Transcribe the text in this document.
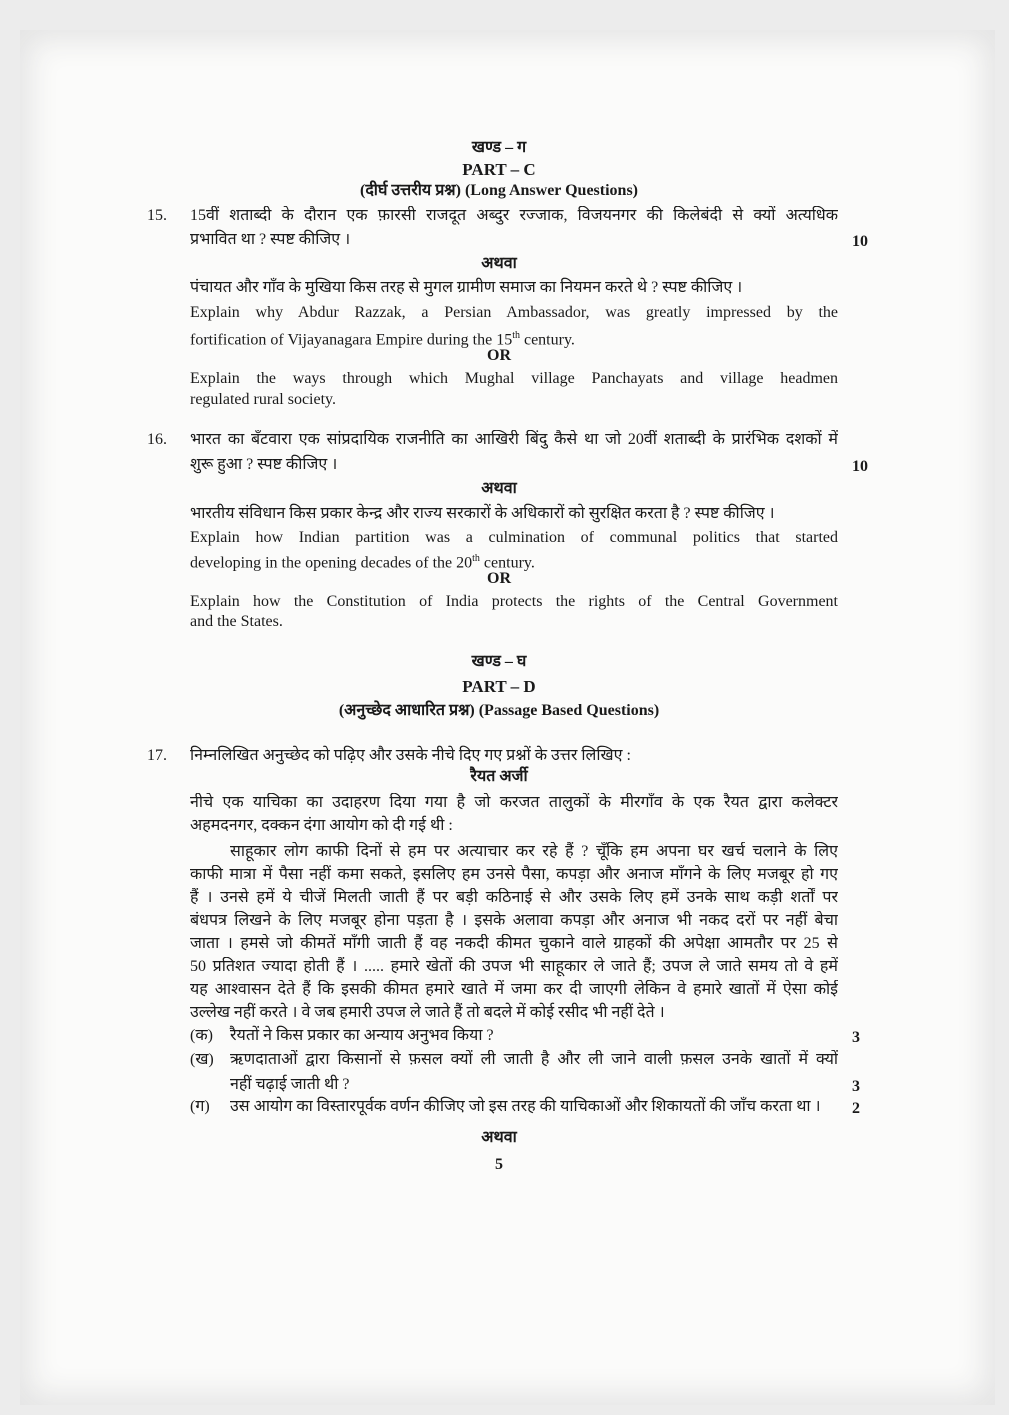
खण्ड – ग
PART – C
(दीर्घ उत्तरीय प्रश्न) (Long Answer Questions)
15. 15वीं शताब्दी के दौरान एक फ़ारसी राजदूत अब्दुर रज्जाक, विजयनगर की किलेबंदी से क्यों अत्यधिक
प्रभावित था ? स्पष्ट कीजिए ।	10
अथवा
पंचायत और गाँव के मुखिया किस तरह से मुगल ग्रामीण समाज का नियमन करते थे ? स्पष्ट कीजिए ।
Explain why Abdur Razzak, a Persian Ambassador, was greatly impressed by the
fortification of Vijayanagara Empire during the 15th century.
OR
Explain the ways through which Mughal village Panchayats and village headmen
regulated rural society.
16. भारत का बँटवारा एक सांप्रदायिक राजनीति का आखिरी बिंदु कैसे था जो 20वीं शताब्दी के प्रारंभिक दशकों में
शुरू हुआ ? स्पष्ट कीजिए ।	10
अथवा
भारतीय संविधान किस प्रकार केन्द्र और राज्य सरकारों के अधिकारों को सुरक्षित करता है ? स्पष्ट कीजिए ।
Explain how Indian partition was a culmination of communal politics that started
developing in the opening decades of the 20th century.
OR
Explain how the Constitution of India protects the rights of the Central Government
and the States.
खण्ड – घ
PART – D
(अनुच्छेद आधारित प्रश्न) (Passage Based Questions)
17. निम्नलिखित अनुच्छेद को पढ़िए और उसके नीचे दिए गए प्रश्नों के उत्तर लिखिए :
रैयत अर्जी
नीचे एक याचिका का उदाहरण दिया गया है जो करजत तालुकों के मीरगाँव के एक रैयत द्वारा कलेक्टर
अहमदनगर, दक्कन दंगा आयोग को दी गई थी :
साहूकार लोग काफी दिनों से हम पर अत्याचार कर रहे हैं ? चूँकि हम अपना घर खर्च चलाने के लिए
काफी मात्रा में पैसा नहीं कमा सकते, इसलिए हम उनसे पैसा, कपड़ा और अनाज माँगने के लिए मजबूर हो गए
हैं । उनसे हमें ये चीजें मिलती जाती हैं पर बड़ी कठिनाई से और उसके लिए हमें उनके साथ कड़ी शर्तों पर
बंधपत्र लिखने के लिए मजबूर होना पड़ता है । इसके अलावा कपड़ा और अनाज भी नकद दरों पर नहीं बेचा
जाता । हमसे जो कीमतें माँगी जाती हैं वह नकदी कीमत चुकाने वाले ग्राहकों की अपेक्षा आमतौर पर 25 से
50 प्रतिशत ज्यादा होती हैं । ..... हमारे खेतों की उपज भी साहूकार ले जाते हैं; उपज ले जाते समय तो वे हमें
यह आश्वासन देते हैं कि इसकी कीमत हमारे खाते में जमा कर दी जाएगी लेकिन वे हमारे खातों में ऐसा कोई
उल्लेख नहीं करते । वे जब हमारी उपज ले जाते हैं तो बदले में कोई रसीद भी नहीं देते ।
(क) रैयतों ने किस प्रकार का अन्याय अनुभव किया ?	3
(ख) ऋणदाताओं द्वारा किसानों से फ़सल क्यों ली जाती है और ली जाने वाली फ़सल उनके खातों में क्यों
नहीं चढ़ाई जाती थी ?	3
(ग) उस आयोग का विस्तारपूर्वक वर्णन कीजिए जो इस तरह की याचिकाओं और शिकायतों की जाँच करता था । 2
अथवा
5
